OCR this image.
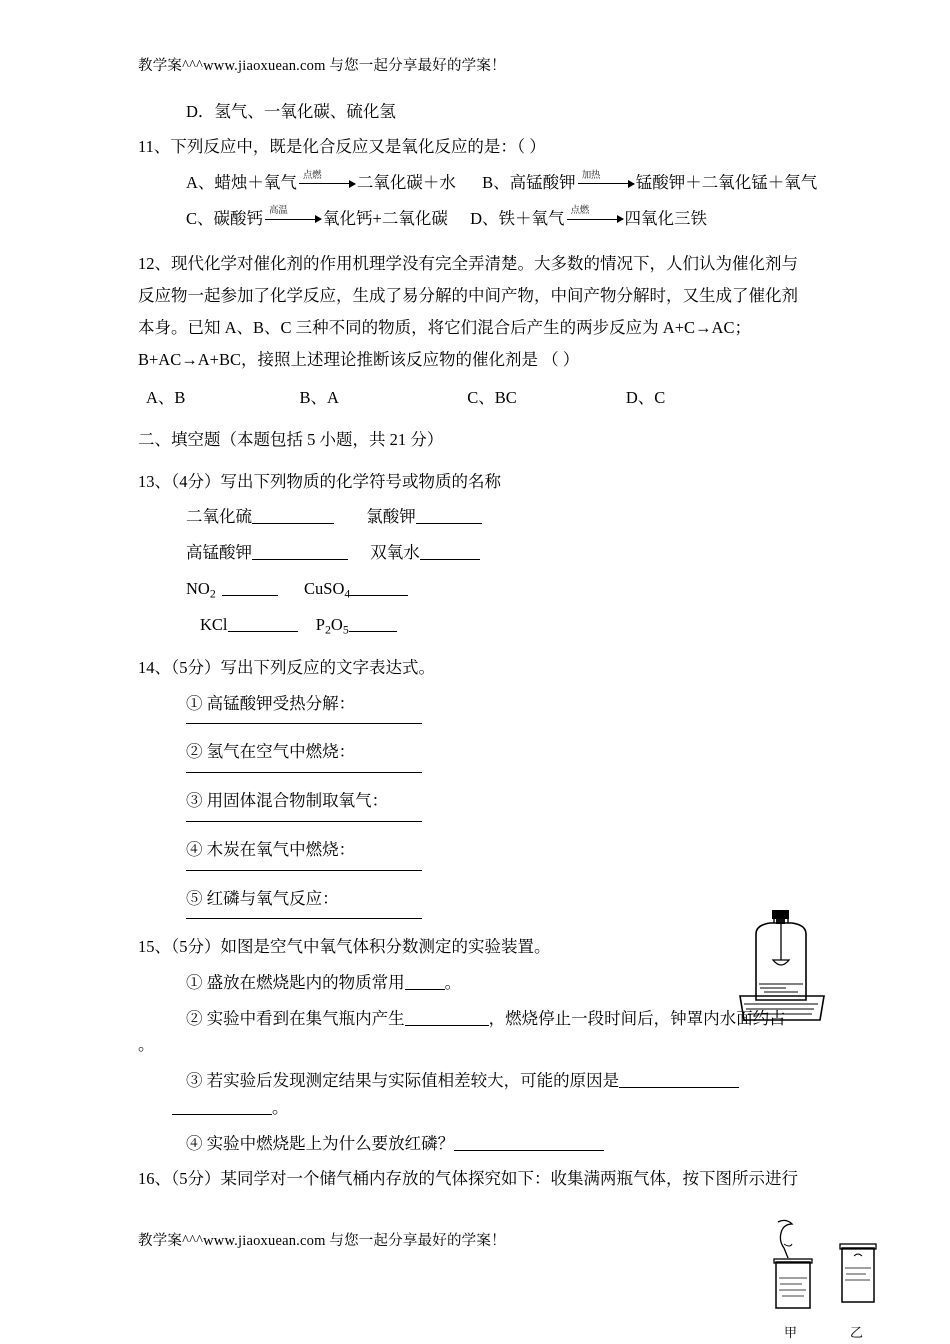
教学案^^^www.jiaoxuean.com 与您一起分享最好的学案！
D．氢气、一氧化碳、硫化氢
11、下列反应中，既是化合反应又是氧化反应的是：（ ）
A、蜡烛＋氧气 点燃 二氧化碳＋水 B、高锰酸钾 加热 锰酸钾＋二氧化锰＋氧气
C、碳酸钙 高温 氧化钙+二氧化碳 D、铁＋氧气 点燃 四氧化三铁
12、现代化学对催化剂的作用机理学没有完全弄清楚。大多数的情况下，人们认为催化剂与
反应物一起参加了化学反应，生成了易分解的中间产物，中间产物分解时，又生成了催化剂
本身。已知 A、B、C 三种不同的物质，将它们混合后产生的两步反应为 A+C→AC；
B+AC→A+BC，接照上述理论推断该反应物的催化剂是 （ ）
A、B	B、A	C、BC	D、C
二、填空题（本题包括 5 小题，共 21 分）
13、（4分）写出下列物质的化学符号或物质的名称
二氧化硫	氯酸钾
高锰酸钾	双氧水
$NO_2$	CuSO$_4$
KCl	$P_2O_5$
14、（5分）写出下列反应的文字表达式。
① 高锰酸钾受热分解：
② 氢气在空气中燃烧：
③ 用固体混合物制取氧气：
④ 木炭在氧气中燃烧：
⑤ 红磷与氧气反应：
15、（5分）如图是空气中氧气体积分数测定的实验装置。
① 盛放在燃烧匙内的物质常用 。
② 实验中看到在集气瓶内产生	，燃烧停止一段时间后，钟罩内水面约占
。
③ 若实验后发现测定结果与实际值相差较大，可能的原因是
。
④ 实验中燃烧匙上为什么要放红磷？
16、（5分）某同学对一个储气桶内存放的气体探究如下：收集满两瓶气体，按下图所示进行
甲	乙
教学案^^^www.jiaoxuean.com 与您一起分享最好的学案！
